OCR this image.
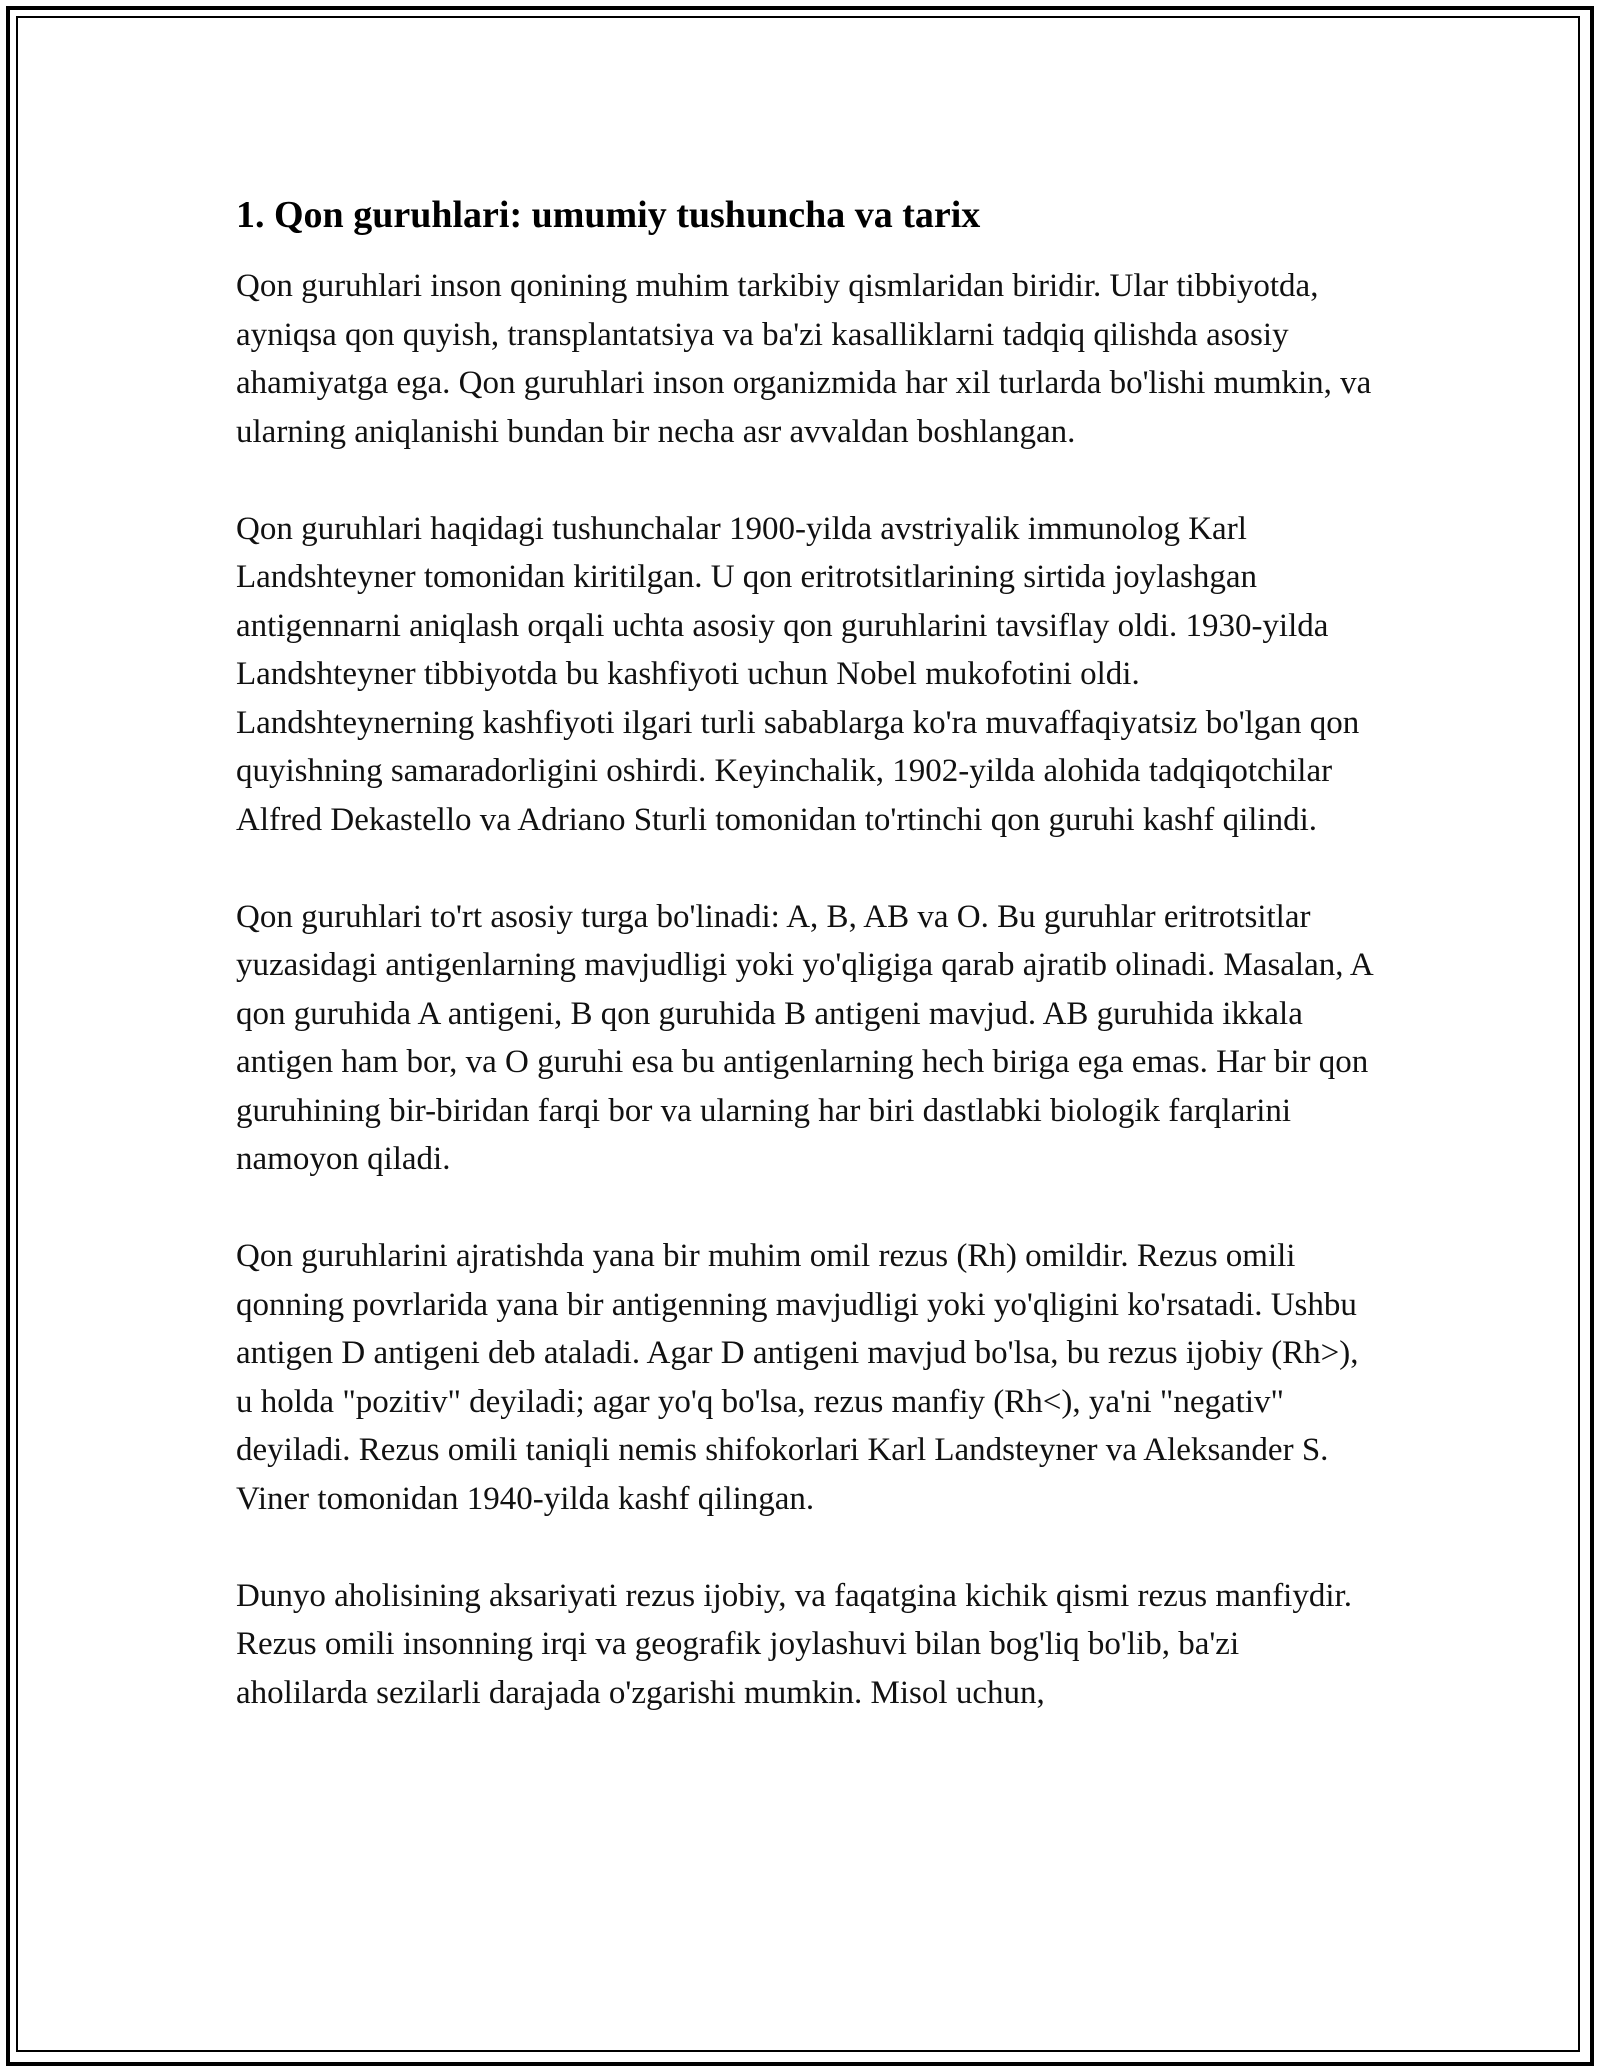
1. Qon guruhlari: umumiy tushuncha va tarix

Qon guruhlari inson qonining muhim tarkibiy qismlaridan biridir. Ular tibbiyotda, ayniqsa qon quyish, transplantatsiya va ba'zi kasalliklarni tadqiq qilishda asosiy ahamiyatga ega. Qon guruhlari inson organizmida har xil turlarda bo'lishi mumkin, va ularning aniqlanishi bundan bir necha asr avvaldan boshlangan.

Qon guruhlari haqidagi tushunchalar 1900-yilda avstriyalik immunolog Karl Landshteyner tomonidan kiritilgan. U qon eritrotsitlarining sirtida joylashgan antigennarni aniqlash orqali uchta asosiy qon guruhlarini tavsiflay oldi. 1930-yilda Landshteyner tibbiyotda bu kashfiyoti uchun Nobel mukofotini oldi. Landshteynerning kashfiyoti ilgari turli sabablarga ko'ra muvaffaqiyatsiz bo'lgan qon quyishning samaradorligini oshirdi. Keyinchalik, 1902-yilda alohida tadqiqotchilar Alfred Dekastello va Adriano Sturli tomonidan to'rtinchi qon guruhi kashf qilindi.

Qon guruhlari to'rt asosiy turga bo'linadi: A, B, AB va O. Bu guruhlar eritrotsitlar yuzasidagi antigenlarning mavjudligi yoki yo'qligiga qarab ajratib olinadi. Masalan, A qon guruhida A antigeni, B qon guruhida B antigeni mavjud. AB guruhida ikkala antigen ham bor, va O guruhi esa bu antigenlarning hech biriga ega emas. Har bir qon guruhining bir-biridan farqi bor va ularning har biri dastlabki biologik farqlarini namoyon qiladi.

Qon guruhlarini ajratishda yana bir muhim omil rezus (Rh) omildir. Rezus omili qonning povrlarida yana bir antigenning mavjudligi yoki yo'qligini ko'rsatadi. Ushbu antigen D antigeni deb ataladi. Agar D antigeni mavjud bo'lsa, bu rezus ijobiy (Rh>), u holda "pozitiv" deyiladi; agar yo'q bo'lsa, rezus manfiy (Rh<), ya'ni "negativ" deyiladi. Rezus omili taniqli nemis shifokorlari Karl Landsteyner va Aleksander S. Viner tomonidan 1940-yilda kashf qilingan.

Dunyo aholisining aksariyati rezus ijobiy, va faqatgina kichik qismi rezus manfiydir. Rezus omili insonning irqi va geografik joylashuvi bilan bog'liq bo'lib, ba'zi aholilarda sezilarli darajada o'zgarishi mumkin. Misol uchun,
